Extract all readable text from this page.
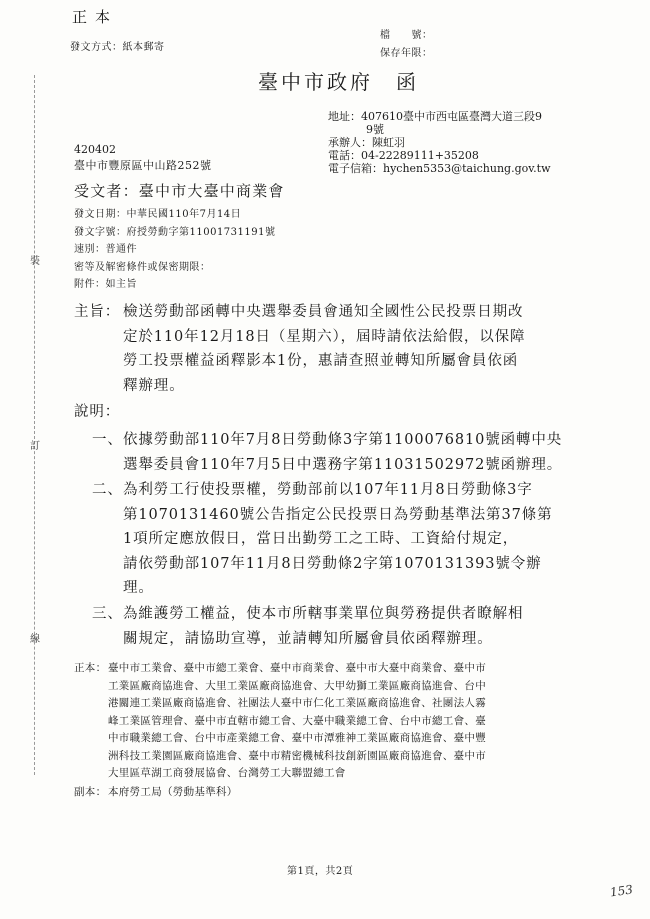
正本
發文方式：紙本郵寄
檔　　號：
保存年限：
臺中市政府　函
地址：407610臺中市西屯區臺灣大道三段9
9號
承辦人：陳虹羽
電話：04-22289111+35208
電子信箱：hychen5353@taichung.gov.tw
420402
臺中市豐原區中山路252號
受文者：臺中市大臺中商業會
發文日期：中華民國110年7月14日
發文字號：府授勞動字第11001731191號
速別：普通件
密等及解密條件或保密期限：
附件：如主旨
裝
訂
線
主旨： 檢送勞動部函轉中央選舉委員會通知全國性公民投票日期改
定於110年12月18日（星期六），屆時請依法給假，以保障
勞工投票權益函釋影本1份，惠請查照並轉知所屬會員依函
釋辦理。
說明：
一、 依據勞動部110年7月8日勞動條3字第1100076810號函轉中央
選舉委員會110年7月5日中選務字第11031502972號函辦理。
二、 為利勞工行使投票權，勞動部前以107年11月8日勞動條3字
第1070131460號公告指定公民投票日為勞動基準法第37條第
1項所定應放假日，當日出勤勞工之工時、工資給付規定，
請依勞動部107年11月8日勞動條2字第1070131393號令辦
理。
三、 為維護勞工權益，使本市所轄事業單位與勞務提供者瞭解相
關規定，請協助宣導，並請轉知所屬會員依函釋辦理。
正本： 臺中市工業會、臺中市總工業會、臺中市商業會、臺中市大臺中商業會、臺中市
工業區廠商協進會、大里工業區廠商協進會、大甲幼獅工業區廠商協進會、台中
港關連工業區廠商協進會、社團法人臺中市仁化工業區廠商協進會、社團法人霧
峰工業區管理會、臺中市直轄市總工會、大臺中職業總工會、台中市總工會、臺
中市職業總工會、台中市產業總工會、臺中市潭雅神工業區廠商協進會、臺中豐
洲科技工業園區廠商協進會、臺中市精密機械科技創新園區廠商協進會、臺中市
大里區草湖工商發展協會、台灣勞工大聯盟總工會
副本： 本府勞工局（勞動基準科）
第1頁，共2頁
153
